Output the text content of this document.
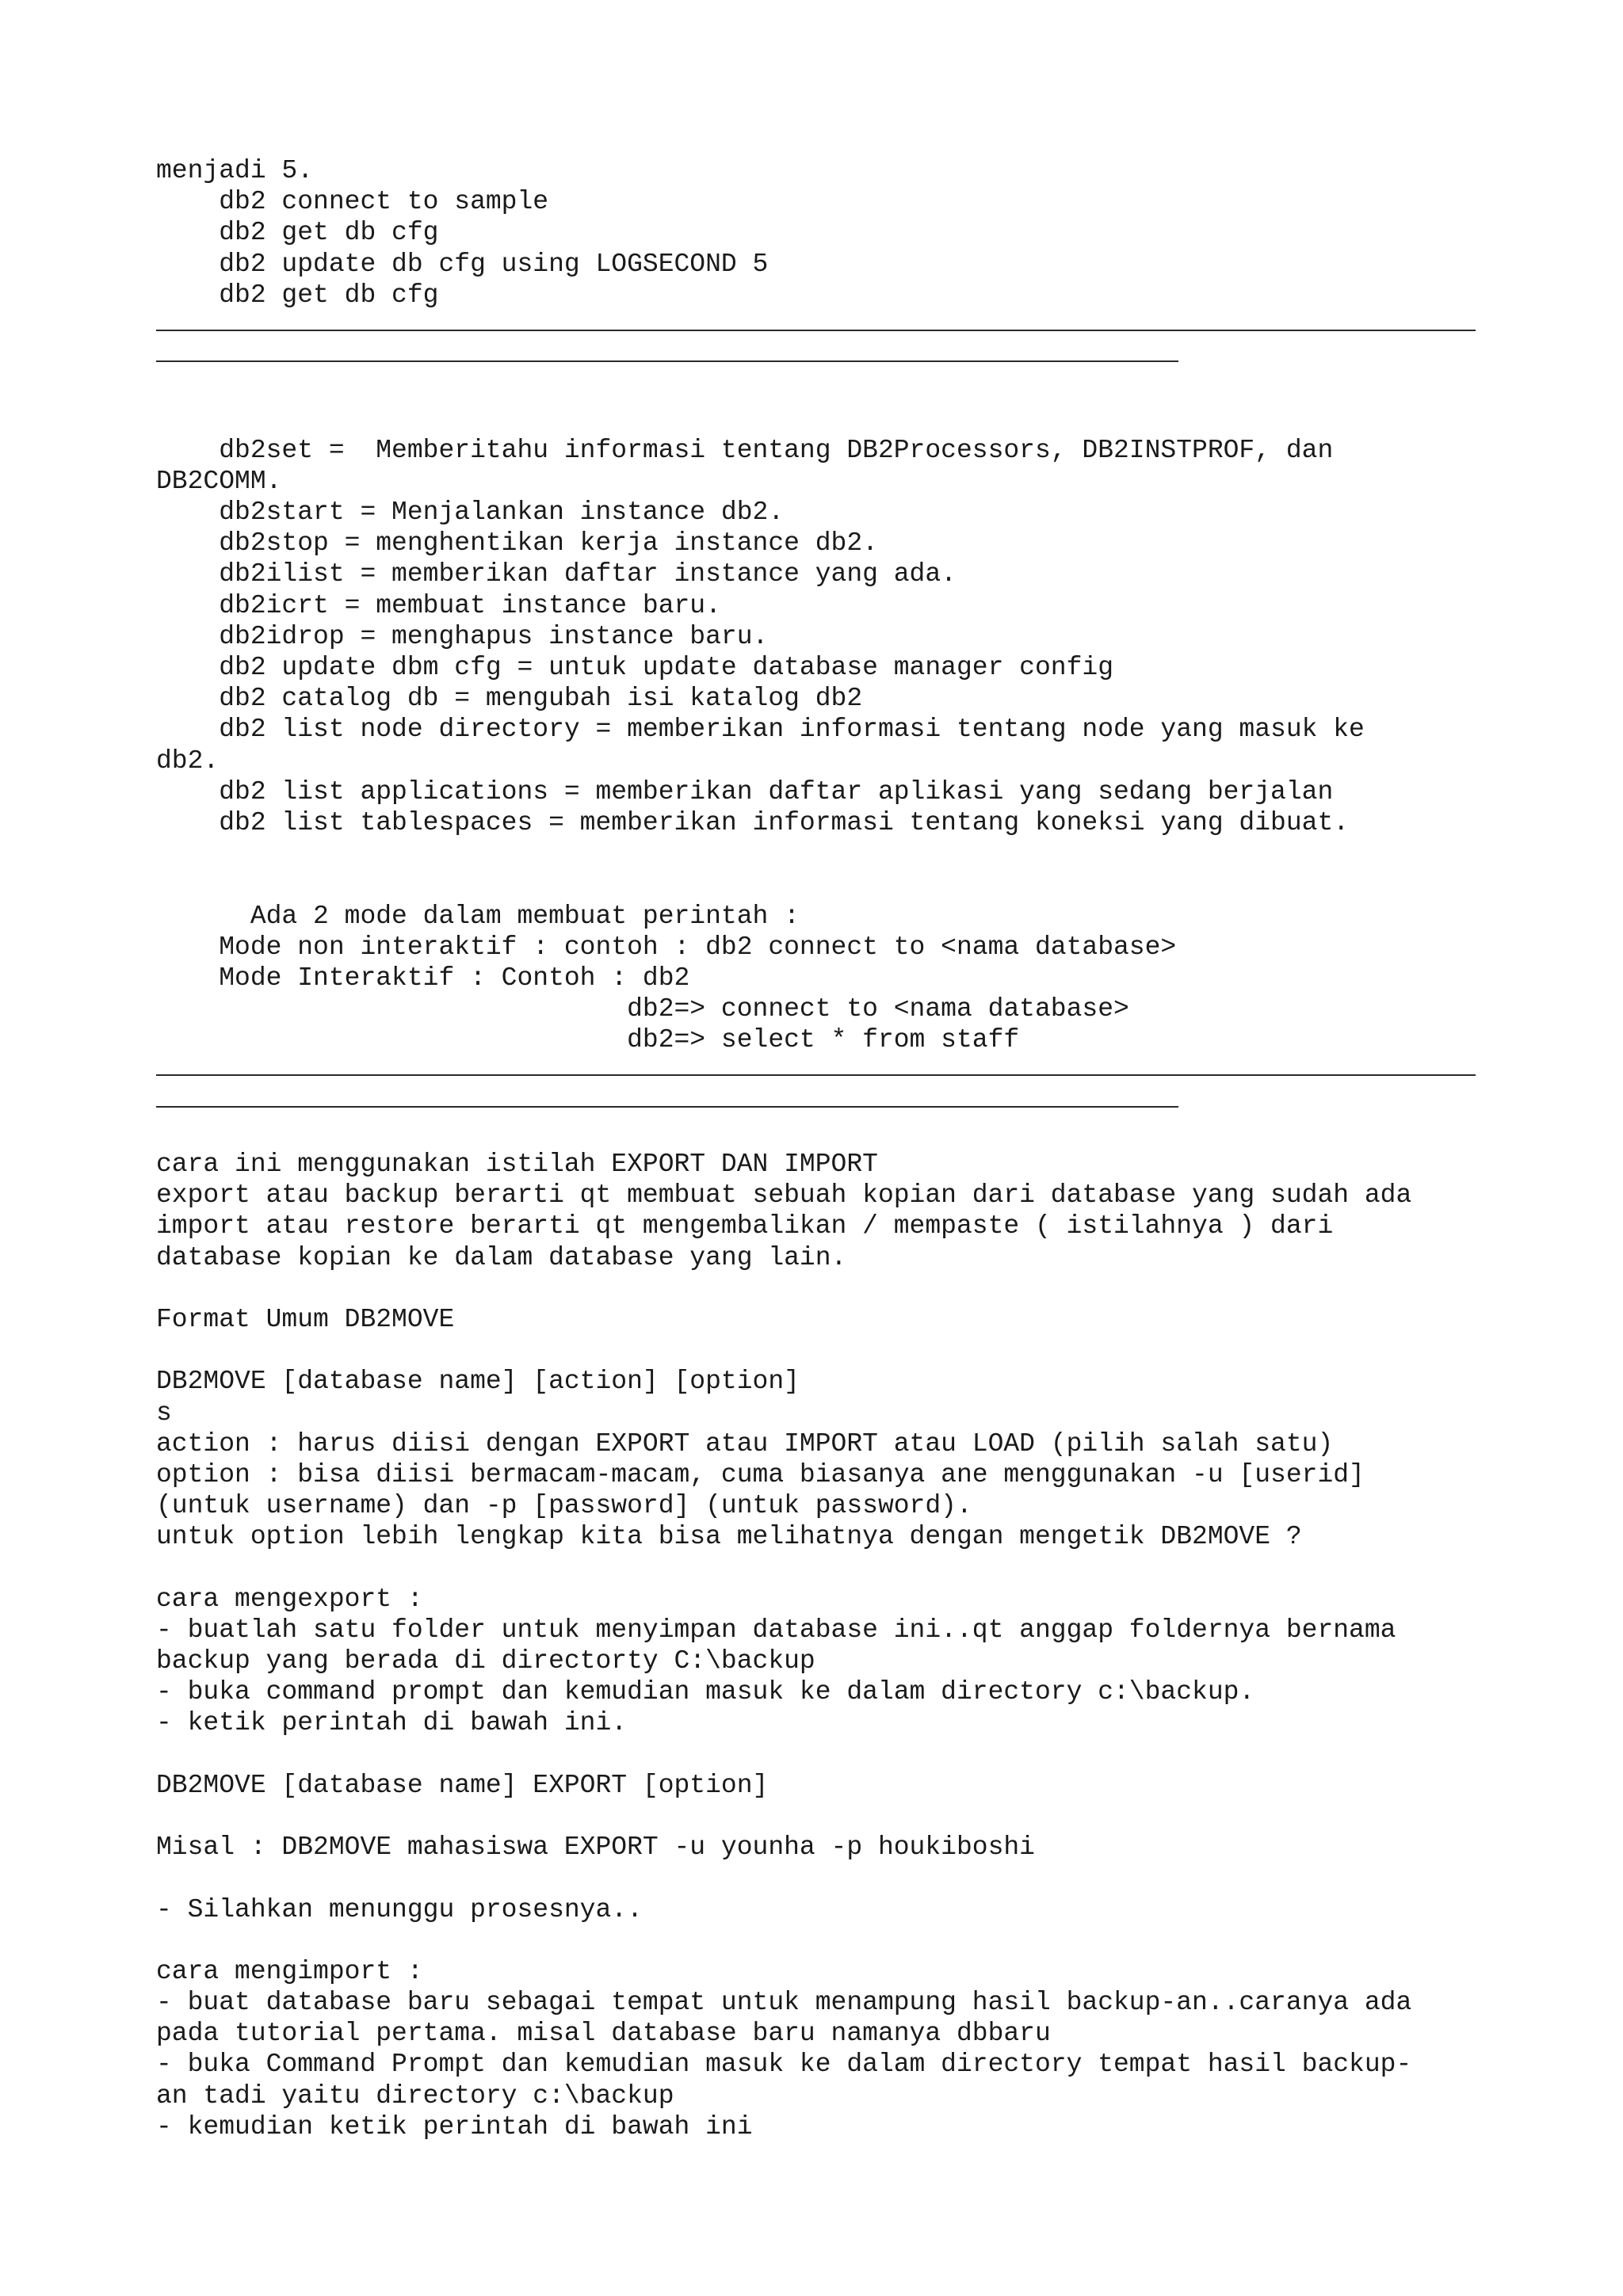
menjadi 5.
db2 connect to sample
db2 get db cfg
db2 update db cfg using LOGSECOND 5
db2 get db cfg
db2set =  Memberitahu informasi tentang DB2Processors, DB2INSTPROF, dan
DB2COMM.
db2start = Menjalankan instance db2.
db2stop = menghentikan kerja instance db2.
db2ilist = memberikan daftar instance yang ada.
db2icrt = membuat instance baru.
db2idrop = menghapus instance baru.
db2 update dbm cfg = untuk update database manager config
db2 catalog db = mengubah isi katalog db2
db2 list node directory = memberikan informasi tentang node yang masuk ke
db2.
db2 list applications = memberikan daftar aplikasi yang sedang berjalan
db2 list tablespaces = memberikan informasi tentang koneksi yang dibuat.
Ada 2 mode dalam membuat perintah :
Mode non interaktif : contoh : db2 connect to <nama database>
Mode Interaktif : Contoh : db2
db2=> connect to <nama database>
db2=> select * from staff
cara ini menggunakan istilah EXPORT DAN IMPORT
export atau backup berarti qt membuat sebuah kopian dari database yang sudah ada
import atau restore berarti qt mengembalikan / mempaste ( istilahnya ) dari
database kopian ke dalam database yang lain.
Format Umum DB2MOVE
DB2MOVE [database name] [action] [option]
s
action : harus diisi dengan EXPORT atau IMPORT atau LOAD (pilih salah satu)
option : bisa diisi bermacam-macam, cuma biasanya ane menggunakan -u [userid]
(untuk username) dan -p [password] (untuk password).
untuk option lebih lengkap kita bisa melihatnya dengan mengetik DB2MOVE ?
cara mengexport :
- buatlah satu folder untuk menyimpan database ini..qt anggap foldernya bernama
backup yang berada di directorty C:\backup
- buka command prompt dan kemudian masuk ke dalam directory c:\backup.
- ketik perintah di bawah ini.
DB2MOVE [database name] EXPORT [option]
Misal : DB2MOVE mahasiswa EXPORT -u younha -p houkiboshi
- Silahkan menunggu prosesnya..
cara mengimport :
- buat database baru sebagai tempat untuk menampung hasil backup-an..caranya ada
pada tutorial pertama. misal database baru namanya dbbaru
- buka Command Prompt dan kemudian masuk ke dalam directory tempat hasil backup-
an tadi yaitu directory c:\backup
- kemudian ketik perintah di bawah ini
